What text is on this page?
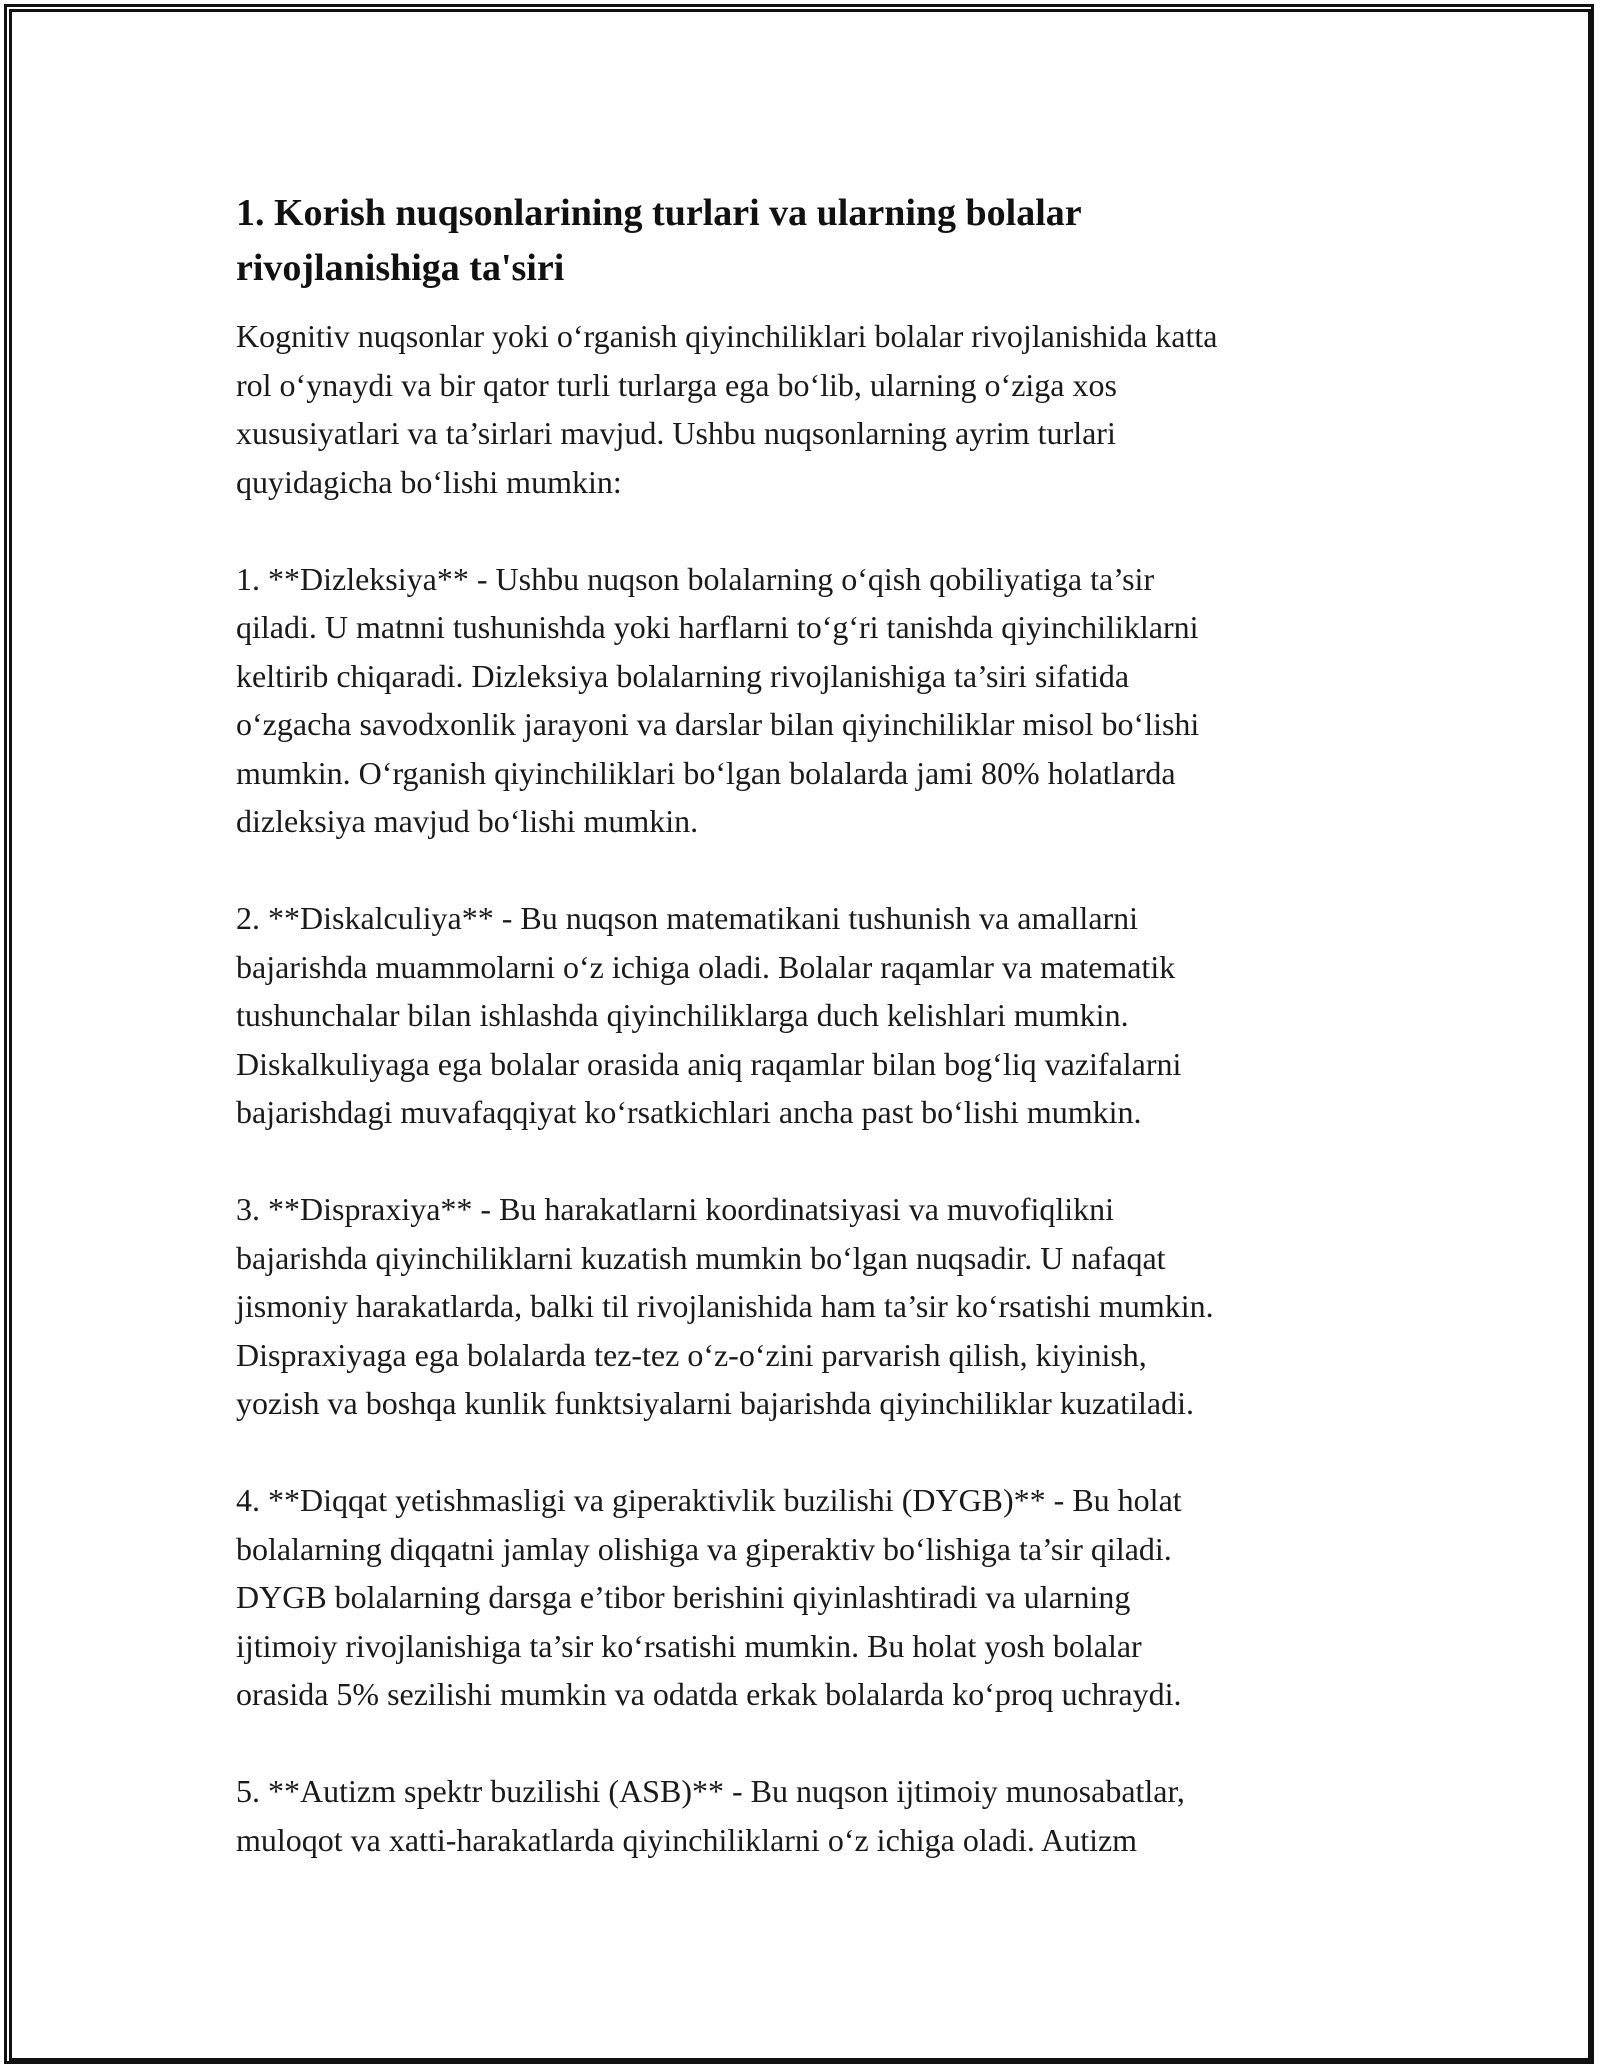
1. Korish nuqsonlarining turlari va ularning bolalar
rivojlanishiga ta'siri

Kognitiv nuqsonlar yoki o‘rganish qiyinchiliklari bolalar rivojlanishida katta
rol o‘ynaydi va bir qator turli turlarga ega bo‘lib, ularning o‘ziga xos
xususiyatlari va ta’sirlari mavjud. Ushbu nuqsonlarning ayrim turlari
quyidagicha bo‘lishi mumkin:

1. **Dizleksiya** - Ushbu nuqson bolalarning o‘qish qobiliyatiga ta’sir
qiladi. U matnni tushunishda yoki harflarni to‘g‘ri tanishda qiyinchiliklarni
keltirib chiqaradi. Dizleksiya bolalarning rivojlanishiga ta’siri sifatida
o‘zgacha savodxonlik jarayoni va darslar bilan qiyinchiliklar misol bo‘lishi
mumkin. O‘rganish qiyinchiliklari bo‘lgan bolalarda jami 80% holatlarda
dizleksiya mavjud bo‘lishi mumkin.

2. **Diskalculiya** - Bu nuqson matematikani tushunish va amallarni
bajarishda muammolarni o‘z ichiga oladi. Bolalar raqamlar va matematik
tushunchalar bilan ishlashda qiyinchiliklarga duch kelishlari mumkin.
Diskalkuliyaga ega bolalar orasida aniq raqamlar bilan bog‘liq vazifalarni
bajarishdagi muvafaqqiyat ko‘rsatkichlari ancha past bo‘lishi mumkin.

3. **Dispraxiya** - Bu harakatlarni koordinatsiyasi va muvofiqlikni
bajarishda qiyinchiliklarni kuzatish mumkin bo‘lgan nuqsadir. U nafaqat
jismoniy harakatlarda, balki til rivojlanishida ham ta’sir ko‘rsatishi mumkin.
Dispraxiyaga ega bolalarda tez-tez o‘z-o‘zini parvarish qilish, kiyinish,
yozish va boshqa kunlik funktsiyalarni bajarishda qiyinchiliklar kuzatiladi.

4. **Diqqat yetishmasligi va giperaktivlik buzilishi (DYGB)** - Bu holat
bolalarning diqqatni jamlay olishiga va giperaktiv bo‘lishiga ta’sir qiladi.
DYGB bolalarning darsga e’tibor berishini qiyinlashtiradi va ularning
ijtimoiy rivojlanishiga ta’sir ko‘rsatishi mumkin. Bu holat yosh bolalar
orasida 5% sezilishi mumkin va odatda erkak bolalarda ko‘proq uchraydi.

5. **Autizm spektr buzilishi (ASB)** - Bu nuqson ijtimoiy munosabatlar,
muloqot va xatti-harakatlarda qiyinchiliklarni o‘z ichiga oladi. Autizm
